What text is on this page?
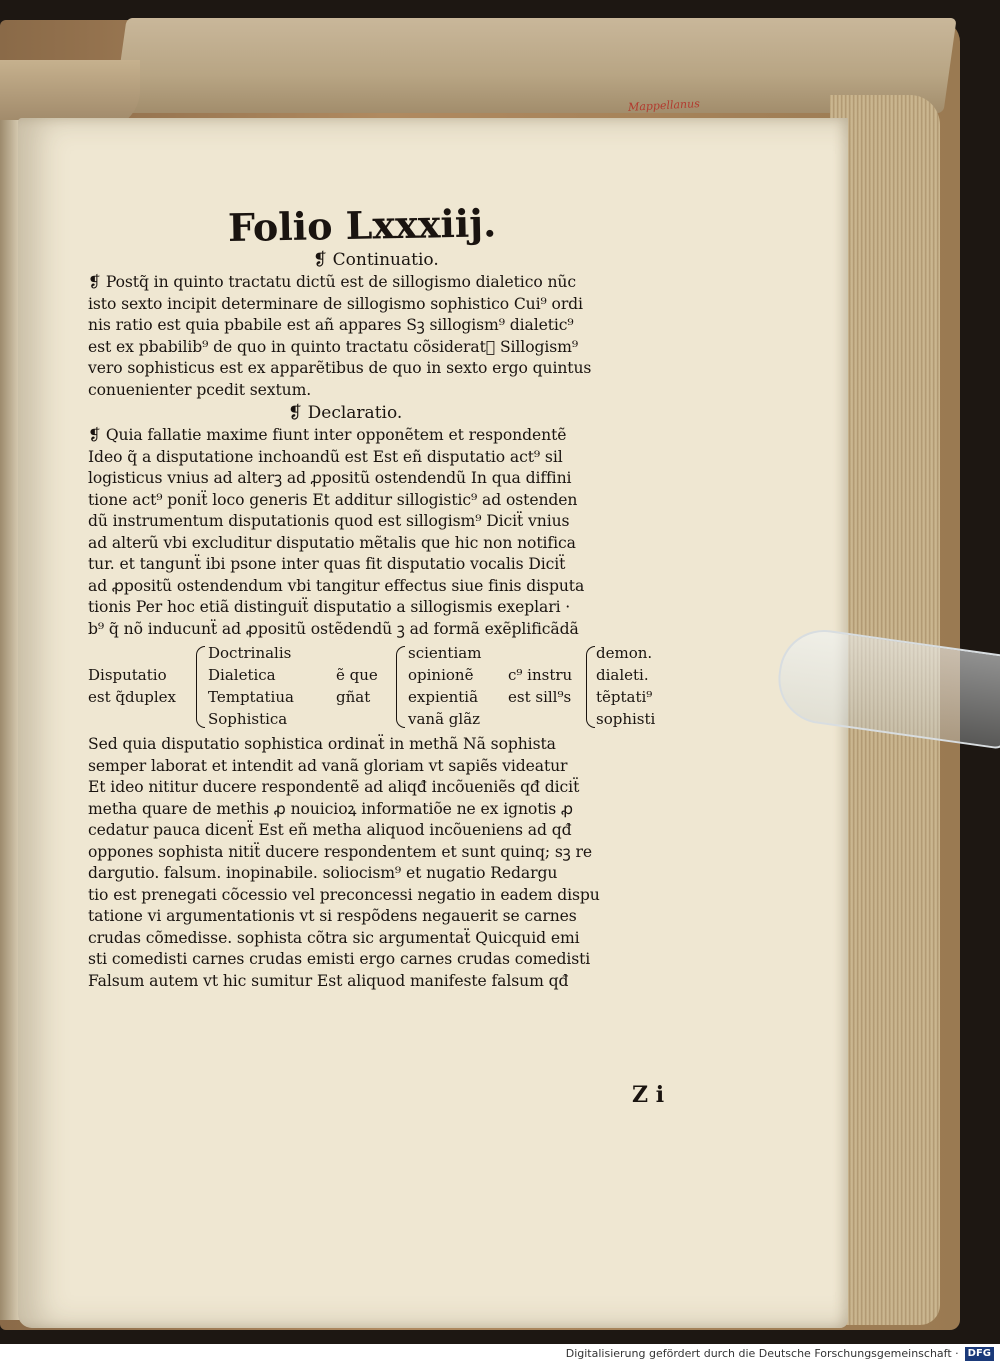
Mappellanus
Folio Lxxxiij.
❡ Continuatio.
❡ Postq̃ in quinto tractatu dictũ est de sillogismo dialetico nũc
isto sexto incipit determinare de sillogismo sophistico Cui⁹ ordi
nis ratio est quia pbabile est añ appares Sꝫ sillogism⁹ dialetic⁹
est ex pbabilib⁹ de quo in quinto tractatu cõsideratᷓ Sillogism⁹
vero sophisticus est ex apparẽtibus de quo in sexto ergo quintus
conuenienter pcedit sextum.
❡ Declaratio.
❡ Quia fallatie maxime fiunt inter opponẽtem et respondentẽ
Ideo q̃ a disputatione inchoandũ est Est eñ disputatio act⁹ sil
logisticus vnius ad alterꝫ ad ꝓpositũ ostendendũ In qua diffini
tione act⁹ poniẗ loco generis Et additur sillogistic⁹ ad ostenden
dũ instrumentum disputationis quod est sillogism⁹ Diciẗ vnius
ad alterũ vbi excluditur disputatio mẽtalis que hic non notifica
tur. et tangunẗ ibi psone inter quas fit disputatio vocalis Diciẗ
ad ꝓpositũ ostendendum vbi tangitur effectus siue finis disputa
tionis Per hoc etiã distinguiẗ disputatio a sillogismis exeplari ·
b⁹ q̃ nõ inducunẗ ad ꝓpositũ ostẽdendũ ꝫ ad formã exẽplificãdã
Disputatio
est q̃duplex
Doctrinalis
Dialetica
Temptatiua
Sophistica
ẽ que
gñat
scientiam
opinionẽ
expientiã
vanã glãz
c⁹ instru
est sill⁹s
demon.
dialeti.
tẽptati⁹
sophisti
Sed quia disputatio sophistica ordinaẗ in methã Nã sophista
semper laborat et intendit ad vanã gloriam vt sapiẽs videatur
Et ideo nititur ducere respondentẽ ad aliqđ incõueniẽs qđ diciẗ
metha quare de methis ꝓ nouicioꝝ informatiõe ne ex ignotis ꝓ
cedatur pauca dicenẗ Est eñ metha aliquod incõueniens ad qđ
oppones sophista nitiẗ ducere respondentem et sunt quinq; sꝫ re
dargutio. falsum. inopinabile. soliocism⁹ et nugatio Redargu
tio est prenegati cõcessio vel preconcessi negatio in eadem dispu
tatione vi argumentationis vt si respõdens negauerit se carnes
crudas cõmedisse. sophista cõtra sic argumentaẗ Quicquid emi
sti comedisti carnes crudas emisti ergo carnes crudas comedisti
Falsum autem vt hic sumitur Est aliquod manifeste falsum qđ
Z i
Digitalisierung gefördert durch die Deutsche Forschungsgemeinschaft · DFG
